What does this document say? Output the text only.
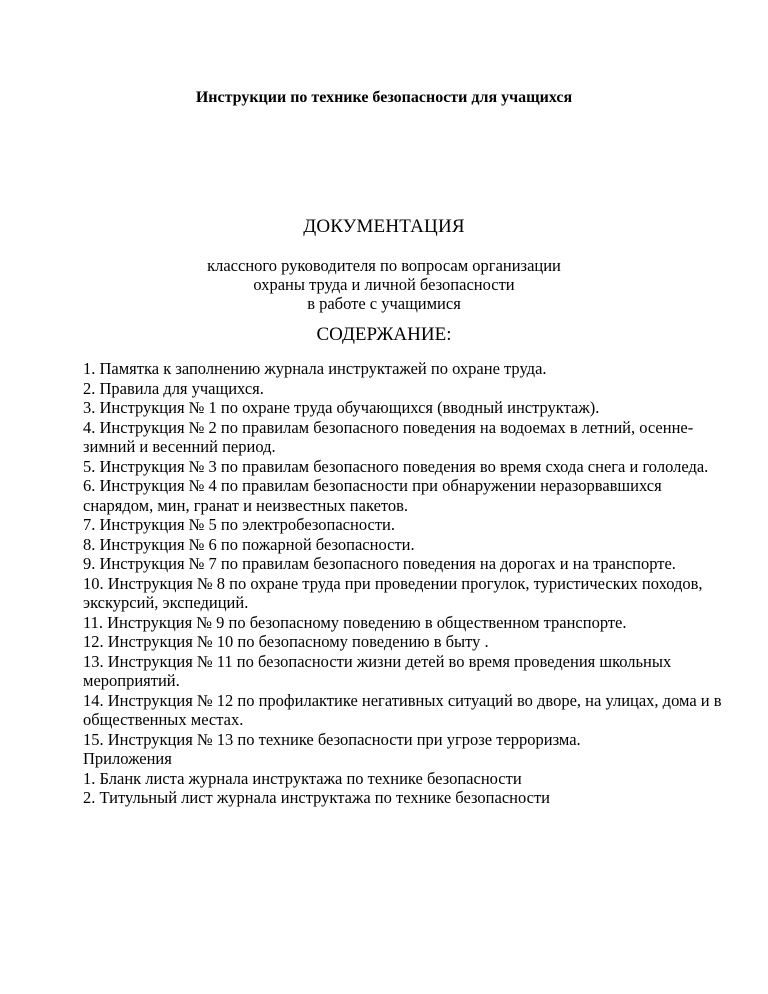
Инструкции по технике безопасности для учащихся
ДОКУМЕНТАЦИЯ
классного руководителя по вопросам организации
охраны труда и личной безопасности
в работе с учащимися
СОДЕРЖАНИЕ:
1. Памятка к заполнению журнала инструктажей по охране труда.
2. Правила для учащихся.
3. Инструкция № 1 по охране труда обучающихся (вводный инструктаж).
4. Инструкция № 2 по правилам безопасного поведения на водоемах в летний, осенне-зимний и весенний период.
5. Инструкция № 3 по правилам безопасного поведения во время схода снега и гололеда.
6. Инструкция № 4 по правилам безопасности при обнаружении неразорвавшихся снарядом, мин, гранат и неизвестных пакетов.
7. Инструкция № 5 по электробезопасности.
8. Инструкция № 6 по пожарной безопасности.
9. Инструкция № 7 по правилам безопасного поведения на дорогах и на транспорте.
10. Инструкция № 8 по охране труда при проведении прогулок, туристических походов, экскурсий, экспедиций.
11. Инструкция № 9 по безопасному поведению в общественном транспорте.
12. Инструкция № 10 по безопасному поведению в быту .
13. Инструкция № 11 по безопасности жизни детей во время проведения школьных мероприятий.
14. Инструкция № 12 по профилактике негативных ситуаций во дворе, на улицах, дома и в общественных местах.
15. Инструкция № 13 по технике безопасности при угрозе терроризма.
Приложения
1. Бланк листа журнала инструктажа по технике безопасности
2. Титульный лист журнала инструктажа по технике безопасности
